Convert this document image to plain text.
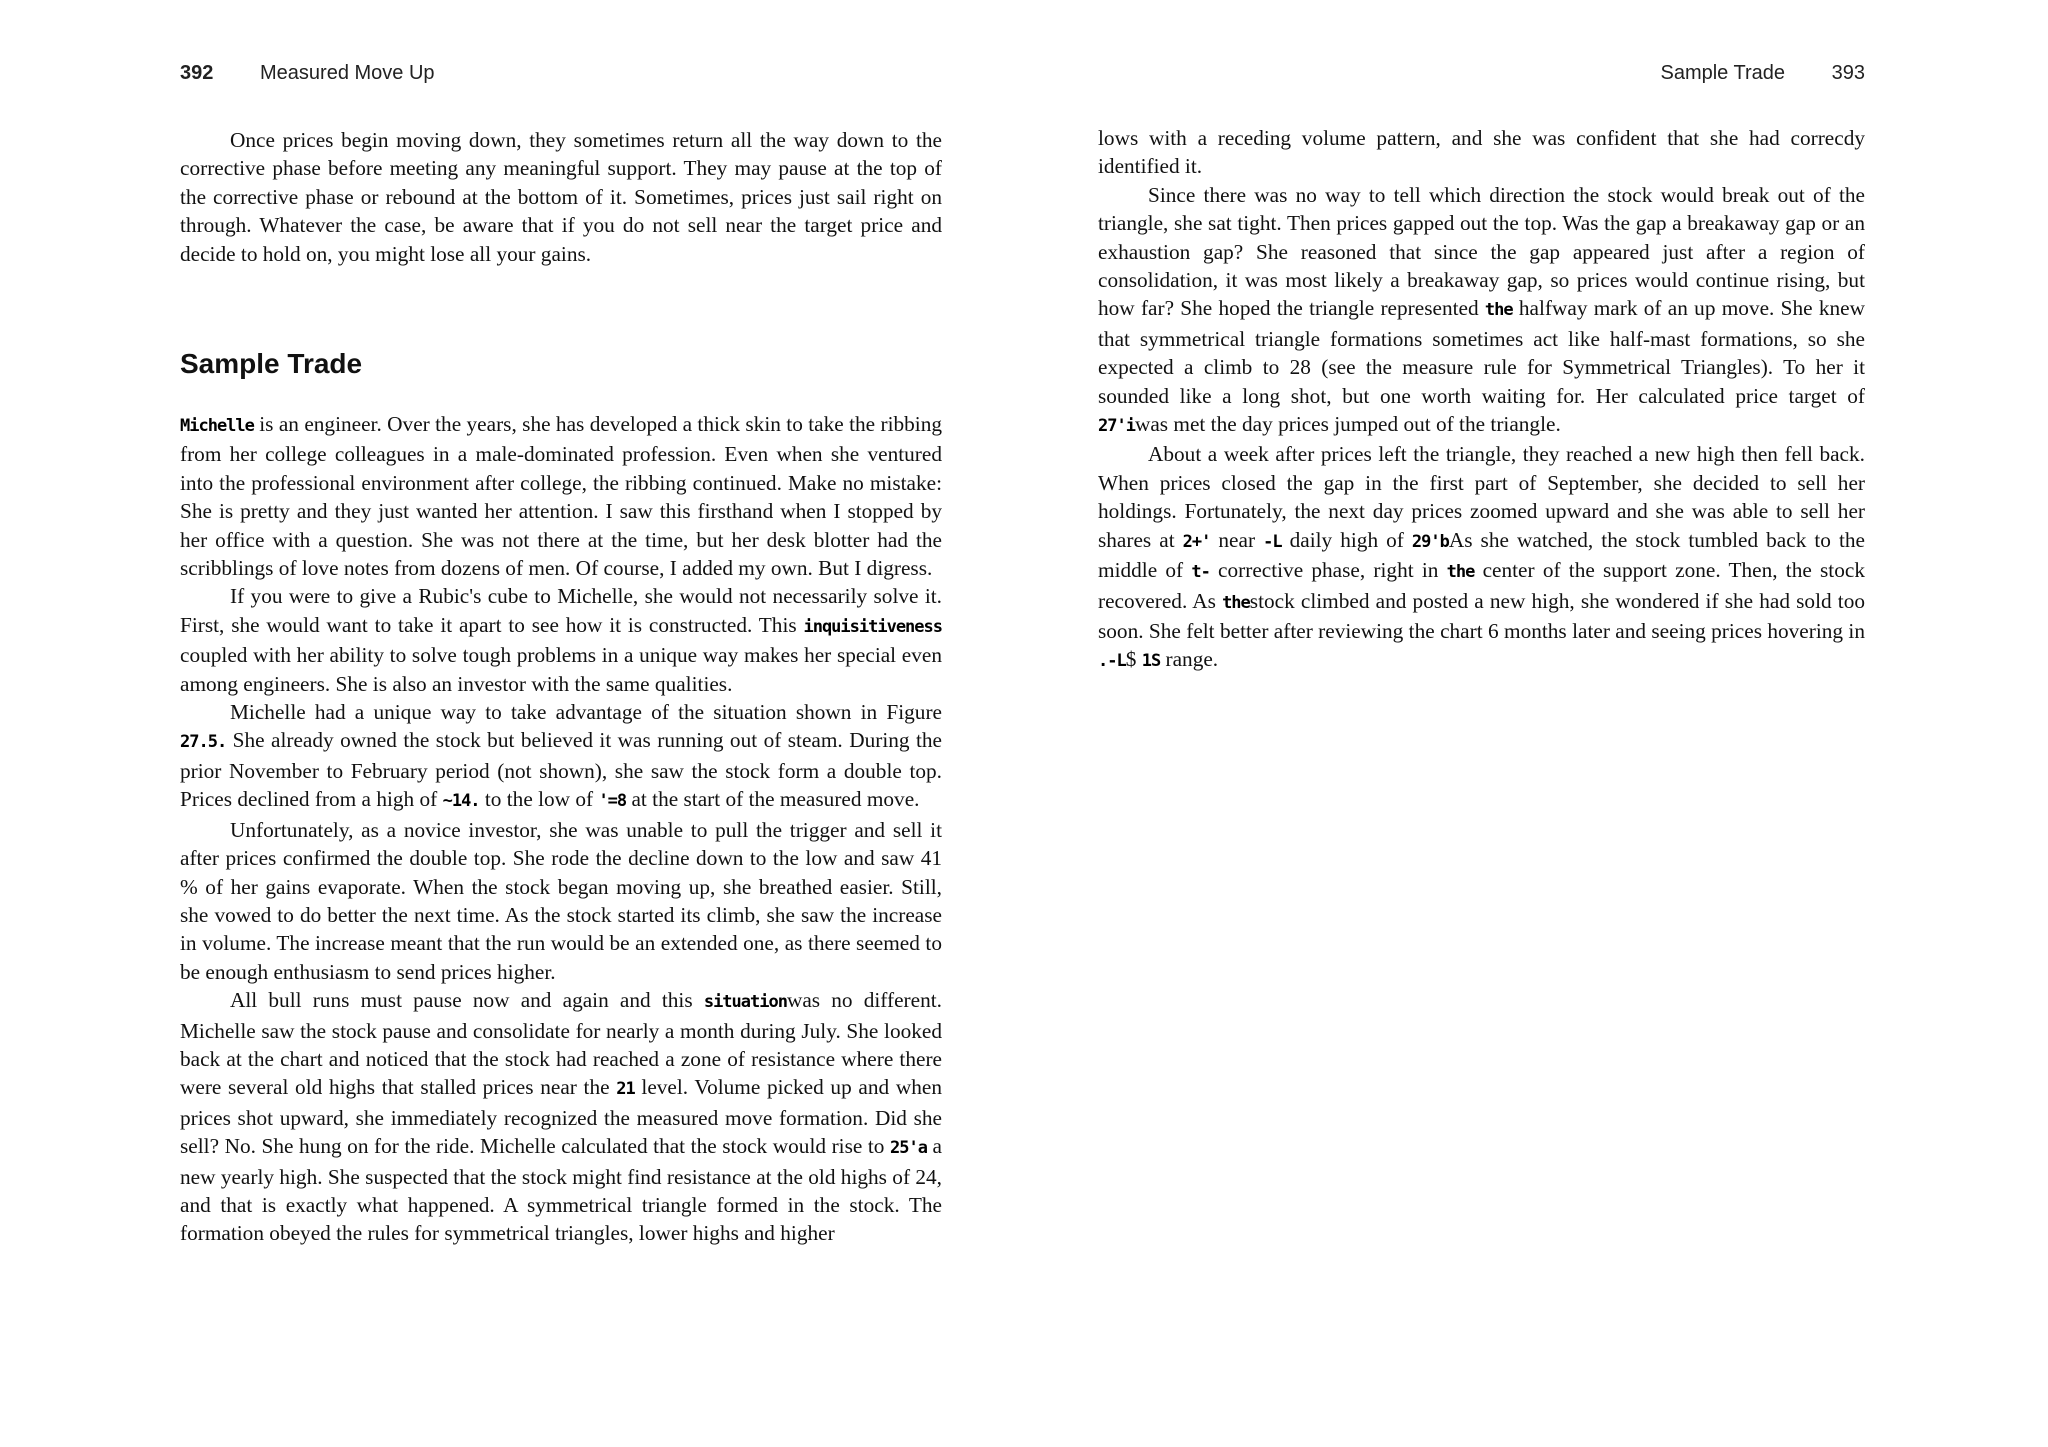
392 Measured Move Up

Once prices begin moving down, they sometimes return all the way down to the corrective phase before meeting any meaningful support. They may pause at the top of the corrective phase or rebound at the bottom of it. Sometimes, prices just sail right on through. Whatever the case, be aware that if you do not sell near the target price and decide to hold on, you might lose all your gains.

Sample Trade

Michelle is an engineer. Over the years, she has developed a thick skin to take the ribbing from her college colleagues in a male-dominated profession. Even when she ventured into the professional environment after college, the ribbing continued. Make no mistake: She is pretty and they just wanted her attention. I saw this firsthand when I stopped by her office with a question. She was not there at the time, but her desk blotter had the scribblings of love notes from dozens of men. Of course, I added my own. But I digress.

If you were to give a Rubic's cube to Michelle, she would not necessarily solve it. First, she would want to take it apart to see how it is constructed. This inquisitiveness coupled with her ability to solve tough problems in a unique way makes her special even among engineers. She is also an investor with the same qualities.

Michelle had a unique way to take advantage of the situation shown in Figure 27.5. She already owned the stock but believed it was running out of steam. During the prior November to February period (not shown), she saw the stock form a double top. Prices declined from a high of ~14. to the low of '=8 at the start of the measured move.

Unfortunately, as a novice investor, she was unable to pull the trigger and sell it after prices confirmed the double top. She rode the decline down to the low and saw 41 % of her gains evaporate. When the stock began moving up, she breathed easier. Still, she vowed to do better the next time. As the stock started its climb, she saw the increase in volume. The increase meant that the run would be an extended one, as there seemed to be enough enthusiasm to send prices higher.

All bull runs must pause now and again and this situationwas no different. Michelle saw the stock pause and consolidate for nearly a month during July. She looked back at the chart and noticed that the stock had reached a zone of resistance where there were several old highs that stalled prices near the 21 level. Volume picked up and when prices shot upward, she immediately recognized the measured move formation. Did she sell? No. She hung on for the ride. Michelle calculated that the stock would rise to 25'a a new yearly high. She suspected that the stock might find resistance at the old highs of 24, and that is exactly what happened. A symmetrical triangle formed in the stock. The formation obeyed the rules for symmetrical triangles, lower highs and higher

Sample Trade 393

lows with a receding volume pattern, and she was confident that she had correcdy identified it.

Since there was no way to tell which direction the stock would break out of the triangle, she sat tight. Then prices gapped out the top. Was the gap a breakaway gap or an exhaustion gap? She reasoned that since the gap appeared just after a region of consolidation, it was most likely a breakaway gap, so prices would continue rising, but how far? She hoped the triangle represented the halfway mark of an up move. She knew that symmetrical triangle formations sometimes act like half-mast formations, so she expected a climb to 28 (see the measure rule for Symmetrical Triangles). To her it sounded like a long shot, but one worth waiting for. Her calculated price target of 27'iwas met the day prices jumped out of the triangle.

About a week after prices left the triangle, they reached a new high then fell back. When prices closed the gap in the first part of September, she decided to sell her holdings. Fortunately, the next day prices zoomed upward and she was able to sell her shares at 2+' near -L daily high of 29'bAs she watched, the stock tumbled back to the middle of t- corrective phase, right in the center of the support zone. Then, the stock recovered. As thestock climbed and posted a new high, she wondered if she had sold too soon. She felt better after reviewing the chart 6 months later and seeing prices hovering in .-L$ 1S range.
